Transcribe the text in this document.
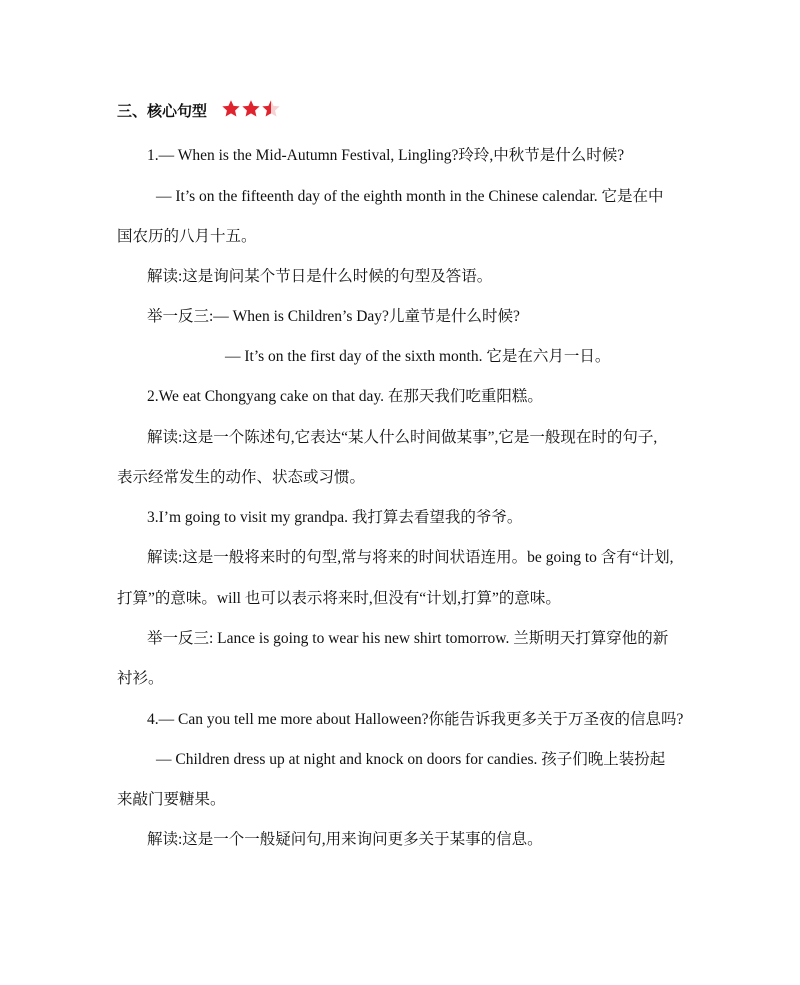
三、核心句型
1.— When is the Mid-Autumn Festival, Lingling?玲玲,中秋节是什么时候?
— It’s on the fifteenth day of the eighth month in the Chinese calendar. 它是在中
国农历的八月十五。
解读:这是询问某个节日是什么时候的句型及答语。
举一反三:— When is Children’s Day?儿童节是什么时候?
— It’s on the first day of the sixth month. 它是在六月一日。
2.We eat Chongyang cake on that day. 在那天我们吃重阳糕。
解读:这是一个陈述句,它表达“某人什么时间做某事”,它是一般现在时的句子,
表示经常发生的动作、状态或习惯。
3.I’m going to visit my grandpa. 我打算去看望我的爷爷。
解读:这是一般将来时的句型,常与将来的时间状语连用。be going to 含有“计划,
打算”的意味。will 也可以表示将来时,但没有“计划,打算”的意味。
举一反三: Lance is going to wear his new shirt tomorrow. 兰斯明天打算穿他的新
衬衫。
4.— Can you tell me more about Halloween?你能告诉我更多关于万圣夜的信息吗?
— Children dress up at night and knock on doors for candies. 孩子们晚上装扮起
来敲门要糖果。
解读:这是一个一般疑问句,用来询问更多关于某事的信息。
